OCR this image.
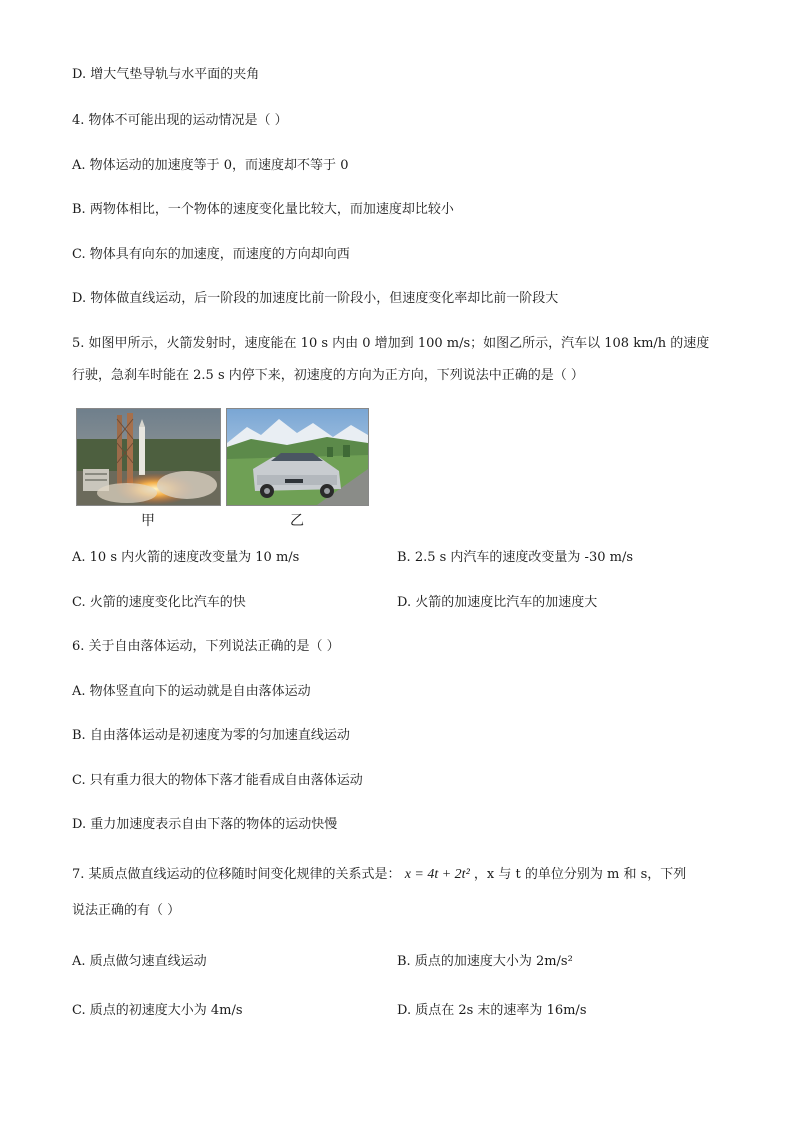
D. 增大气垫导轨与水平面的夹角
4. 物体不可能出现的运动情况是（ ）
A. 物体运动的加速度等于 0，而速度却不等于 0
B. 两物体相比，一个物体的速度变化量比较大，而加速度却比较小
C. 物体具有向东的加速度，而速度的方向却向西
D. 物体做直线运动，后一阶段的加速度比前一阶段小，但速度变化率却比前一阶段大
5. 如图甲所示，火箭发射时，速度能在 10 s 内由 0 增加到 100 m/s；如图乙所示，汽车以 108 km/h 的速度
行驶，急刹车时能在 2.5 s 内停下来，初速度的方向为正方向，下列说法中正确的是（ ）
甲	乙
A. 10 s 内火箭的速度改变量为 10 m/s	B. 2.5 s 内汽车的速度改变量为 -30 m/s
C. 火箭的速度变化比汽车的快	D. 火箭的加速度比汽车的加速度大
6. 关于自由落体运动，下列说法正确的是（ ）
A. 物体竖直向下的运动就是自由落体运动
B. 自由落体运动是初速度为零的匀加速直线运动
C. 只有重力很大的物体下落才能看成自由落体运动
D. 重力加速度表示自由下落的物体的运动快慢
7. 某质点做直线运动的位移随时间变化规律的关系式是： x = 4t + 2t² ，x 与 t 的单位分别为 m 和 s，下列
说法正确的有（ ）
A. 质点做匀速直线运动	B. 质点的加速度大小为 2m/s²
C. 质点的初速度大小为 4m/s	D. 质点在 2s 末的速率为 16m/s
